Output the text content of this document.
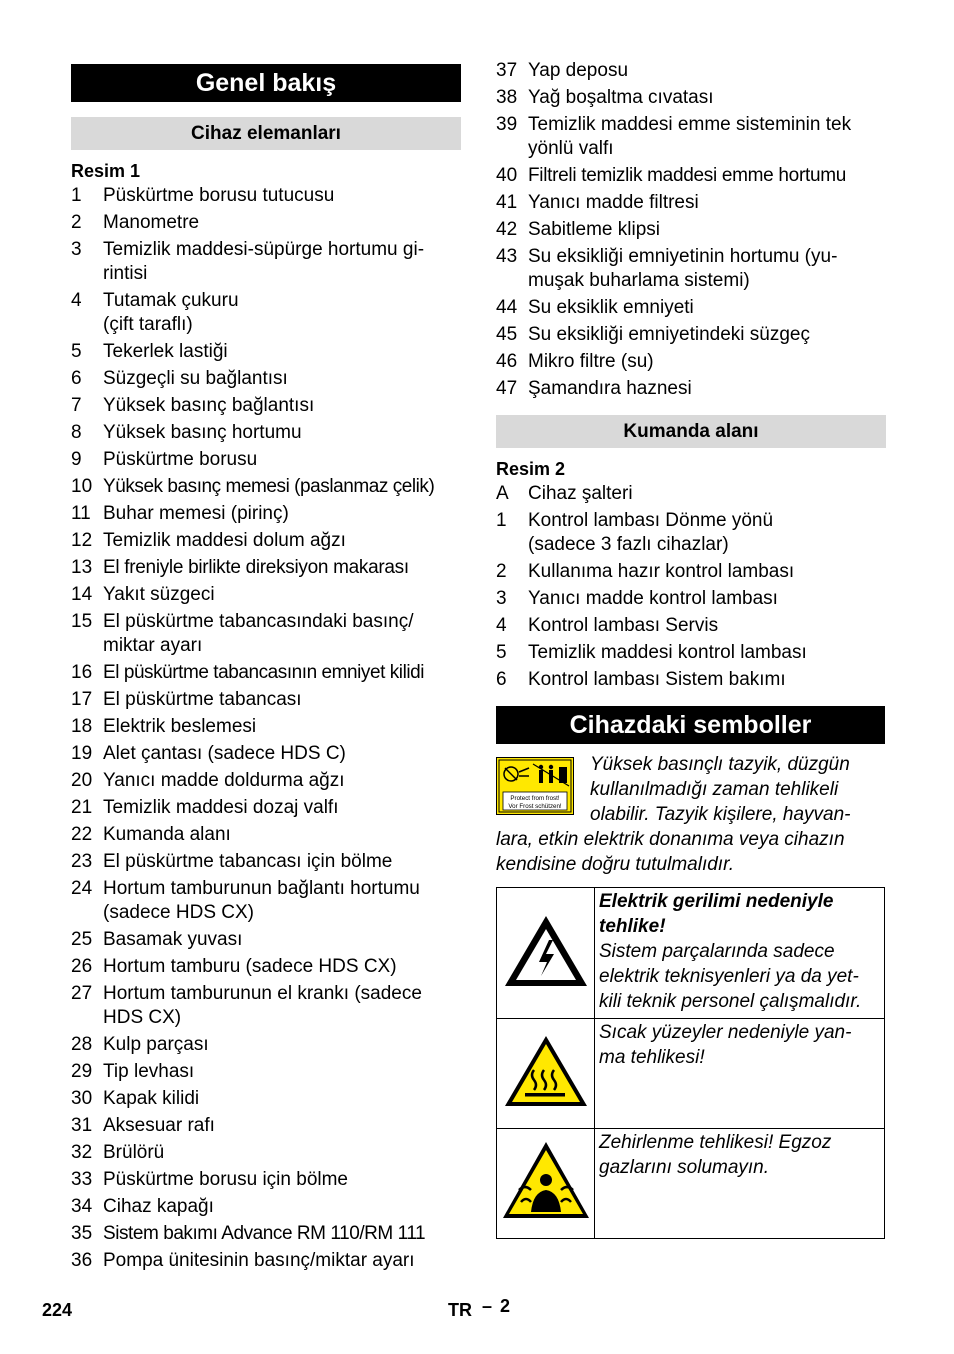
Genel bakış
Cihaz elemanları
Resim 1
1 Püskürtme borusu tutucusu
2 Manometre
3 Temizlik maddesi-süpürge hortumu gi-
rintisi
4 Tutamak çukuru
(çift taraflı)
5 Tekerlek lastiği
6 Süzgeçli su bağlantısı
7 Yüksek basınç bağlantısı
8 Yüksek basınç hortumu
9 Püskürtme borusu
10 Yüksek basınç memesi (paslanmaz çelik)
11 Buhar memesi (pirinç)
12 Temizlik maddesi dolum ağzı
13 El freniyle birlikte direksiyon makarası
14 Yakıt süzgeci
15 El püskürtme tabancasındaki basınç/
miktar ayarı
16 El püskürtme tabancasının emniyet kilidi
17 El püskürtme tabancası
18 Elektrik beslemesi
19 Alet çantası (sadece HDS C)
20 Yanıcı madde doldurma ağzı
21 Temizlik maddesi dozaj valfı
22 Kumanda alanı
23 El püskürtme tabancası için bölme
24 Hortum tamburunun bağlantı hortumu
(sadece HDS CX)
25 Basamak yuvası
26 Hortum tamburu (sadece HDS CX)
27 Hortum tamburunun el krankı (sadece
HDS CX)
28 Kulp parçası
29 Tip levhası
30 Kapak kilidi
31 Aksesuar rafı
32 Brülörü
33 Püskürtme borusu için bölme
34 Cihaz kapağı
35 Sistem bakımı Advance RM 110/RM 111
36 Pompa ünitesinin basınç/miktar ayarı
37 Yap deposu
38 Yağ boşaltma cıvatası
39 Temizlik maddesi emme sisteminin tek
yönlü valfı
40 Filtreli temizlik maddesi emme hortumu
41 Yanıcı madde filtresi
42 Sabitleme klipsi
43 Su eksikliği emniyetinin hortumu (yu-
muşak buharlama sistemi)
44 Su eksiklik emniyeti
45 Su eksikliği emniyetindeki süzgeç
46 Mikro filtre (su)
47 Şamandıra haznesi
Kumanda alanı
Resim 2
A Cihaz şalteri
1 Kontrol lambası Dönme yönü
(sadece 3 fazlı cihazlar)
2 Kullanıma hazır kontrol lambası
3 Yanıcı madde kontrol lambası
4 Kontrol lambası Servis
5 Temizlik maddesi kontrol lambası
6 Kontrol lambası Sistem bakımı
Cihazdaki semboller
Protect from frost!
Vor Frost schützen!
Yüksek basınçlı tazyik, düzgün
kullanılmadığı zaman tehlikeli
olabilir. Tazyik kişilere, hayvan-
lara, etkin elektrik donanıma veya cihazın
kendisine doğru tutulmalıdır.

Elektrik gerilimi nedeniyle
tehlike!
Sistem parçalarında sadece
elektrik teknisyenleri ya da yet-
kili teknik personel çalışmalıdır.

Sıcak yüzeyler nedeniyle yan-
ma tehlikesi!

Zehirlenme tehlikesi! Egzoz
gazlarını solumayın.
224	TR – 2
